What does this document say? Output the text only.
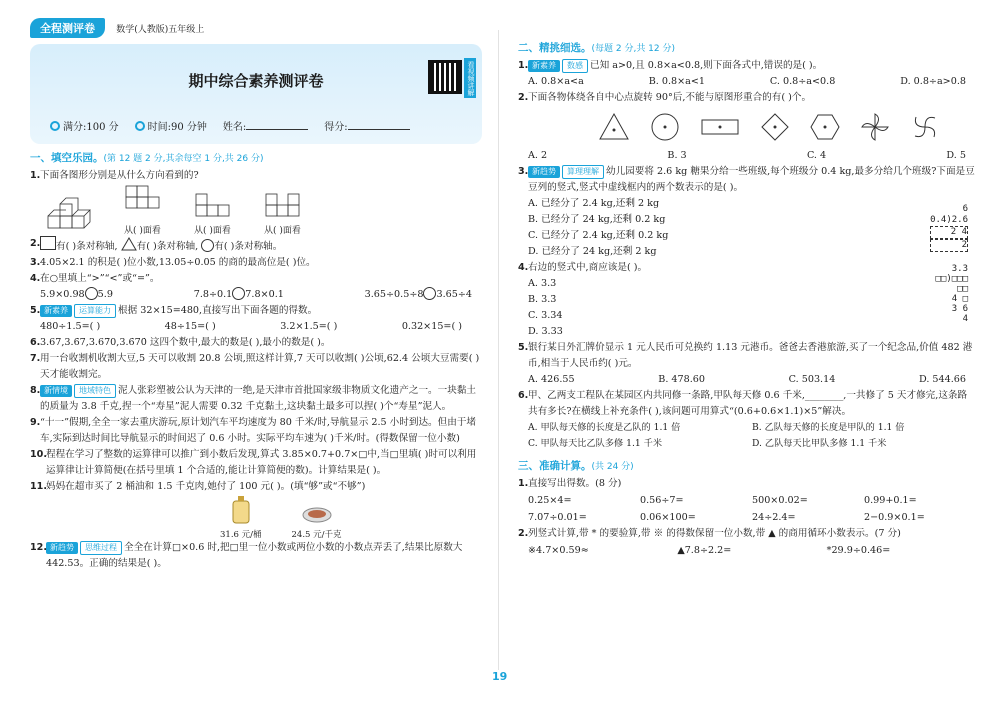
全程测评卷 数学(人教版)五年级上
期中综合素养测评卷	看视频讲解
满分:100 分	时间:90 分钟 姓名:	得分:
一、填空乐园。(第 12 题 2 分,其余每空 1 分,共 26 分)
1. 下面各图形分别是从什么方向看到的?

从( )面看	从( )面看	从( )面看
2. 有( )条对称轴, 有( )条对称轴, 有( )条对称轴。
3. 4.05×2.1 的积是( )位小数,13.05÷0.05 的商的最高位是( )位。
4. 在○里填上“>”“<”或“=”。
5.9×0.98 5.9	7.8÷0.1 7.8×0.1	3.65÷0.5÷8 3.65÷4
5. 新素养 运算能力 根据 32×15=480,直接写出下面各题的得数。
480÷1.5=( )	48÷15=( )	3.2×1.5=( )	0.32×15=( )
6. 3.67,3.6̇7,3.67̇0,3.6̇70̇ 这四个数中,最大的数是( ),最小的数是( )。
7. 用一台收割机收割大豆,5 天可以收割 20.8 公顷,照这样计算,7 天可以收割( )公顷,62.4 公顷大豆需要( )天才能收割完。
8. 新情境 地域特色 泥人张彩塑被公认为天津的一绝,是天津市首批国家级非物质文化遗产之一。一块黏土的质量为 3.8 千克,捏一个“寿星”泥人需要 0.32 千克黏土,这块黏土最多可以捏( )个“寿星”泥人。
9. “十一”假期,全全一家去重庆游玩,原计划汽车平均速度为 80 千米/时,导航显示 2.5 小时到达。但由于堵车,实际到达时间比导航显示的时间迟了 0.6 小时。实际平均车速为( )千米/时。(得数保留一位小数)
10. 程程在学习了整数的运算律可以推广到小数后发现,算式 3.85×0.7+0.7×□中,当□里填( )时可以利用运算律让计算简便(在括号里填 1 个合适的,能让计算简便的数)。计算结果是( )。
11. 妈妈在超市买了 2 桶油和 1.5 千克肉,她付了 100 元( )。(填“够”或“不够”)

31.6 元/桶	24.5 元/千克
12. 新趋势 思维过程 全全在计算□×0.6 时,把□里一位小数或两位小数的小数点弄丢了,结果比原数大 442.53。正确的结果是( )。
二、精挑细选。(每题 2 分,共 12 分)
1. 新素养 数感 已知 a>0,且 0.8×a<0.8,则下面各式中,错误的是( )。
A. 0.8×a<a	B. 0.8×a<1	C. 0.8÷a<0.8	D. 0.8÷a>0.8
2. 下面各物体绕各自中心点旋转 90°后,不能与原图形重合的有( )个。
A. 2	B. 3	C. 4	D. 5
3. 新趋势 算理理解 幼儿园要将 2.6 kg 糖果分给一些班级,每个班级分 0.4 kg,最多分给几个班级?下面是豆豆列的竖式,竖式中虚线框内的两个数表示的是( )。
A. 已经分了 2.4 kg,还剩 2 kg
B. 已经分了 24 kg,还剩 0.2 kg
C. 已经分了 2.4 kg,还剩 0.2 kg
D. 已经分了 24 kg,还剩 2 kg
6
0.4)2.6
2 4
2
4. 右边的竖式中,商应该是( )。
A. 3.3
B. 3.3̇
C. 3.34
D. 3.33
3.3
□□)□□□
□□
4 □
3 6
4
5. 银行某日外汇牌价显示 1 元人民币可兑换约 1.13 元港币。爸爸去香港旅游,买了一个纪念品,价值 482 港币,相当于人民币约( )元。
A. 426.55	B. 478.60	C. 503.14	D. 544.66
6. 甲、乙两支工程队在某园区内共同修一条路,甲队每天修 0.6 千米,________,一共修了 5 天才修完,这条路共有多长?在横线上补充条件( ),该问题可用算式“(0.6+0.6×1.1)×5”解决。
A. 甲队每天修的长度是乙队的 1.1 倍	B. 乙队每天修的长度是甲队的 1.1 倍
C. 甲队每天比乙队多修 1.1 千米	D. 乙队每天比甲队多修 1.1 千米
三、准确计算。(共 24 分)
1. 直接写出得数。(8 分)
0.25×4=	0.56÷7=	500×0.02=	0.99+0.1=
7.07÷0.01=	0.06×100=	24÷2.4=	2−0.9×0.1=
2. 列竖式计算,带 * 的要验算,带 ※ 的得数保留一位小数,带 ▲ 的商用循环小数表示。(7 分)
※4.7×0.59≈	▲7.8÷2.2=	*29.9÷0.46=
19
